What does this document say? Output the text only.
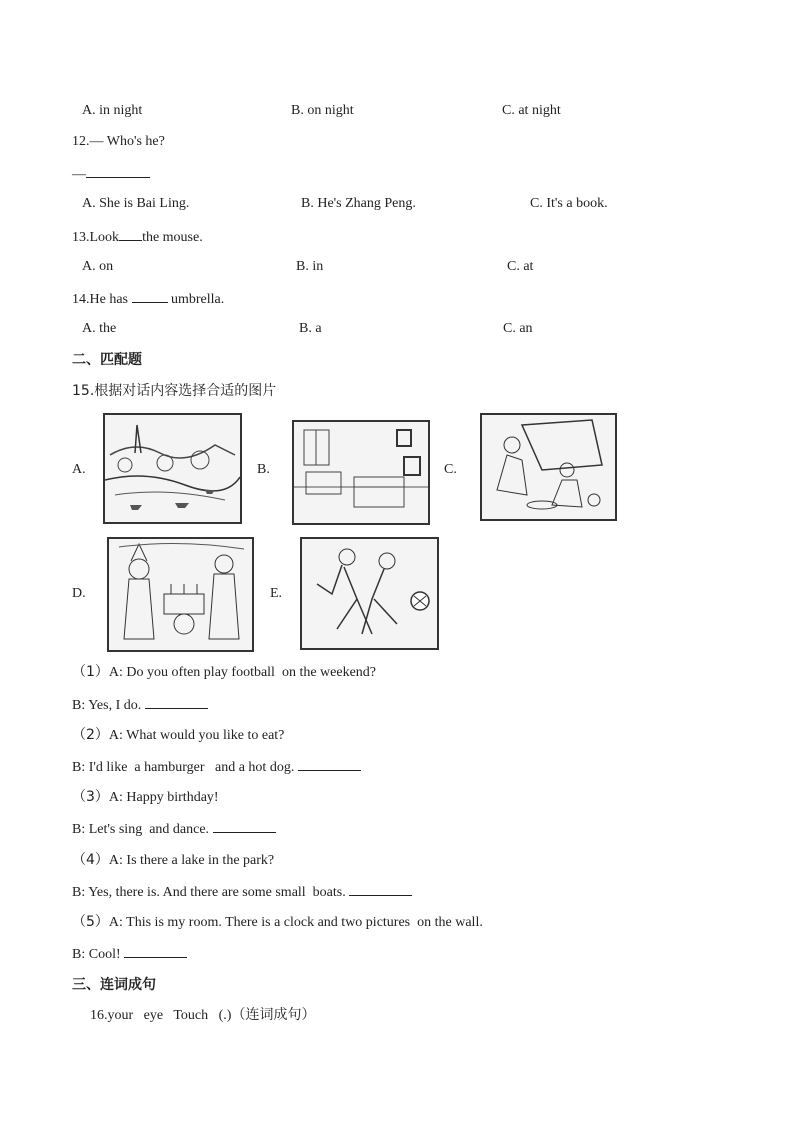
A. in night	B. on night	C. at night
12.— Who's he?
—
A. She is Bai Ling.	B. He's Zhang Peng.	C. It's a book.
13.Look the mouse.
A. on	B. in	C. at
14.He has	umbrella.
A. the	B. a	C. an
二、匹配题
15.根据对话内容选择合适的图片
A.	B.	C.
D.	E.
（1）A: Do you often play football  on the weekend?
B: Yes, I do.
（2）A: What would you like to eat?
B: I'd like  a hamburger   and a hot dog.
（3）A: Happy birthday!
B: Let's sing  and dance.
（4）A: Is there a lake in the park?
B: Yes, there is. And there are some small  boats.
（5）A: This is my room. There is a clock and two pictures  on the wall.
B: Cool!
三、连词成句
16.your   eye   Touch   (.)（连词成句）
